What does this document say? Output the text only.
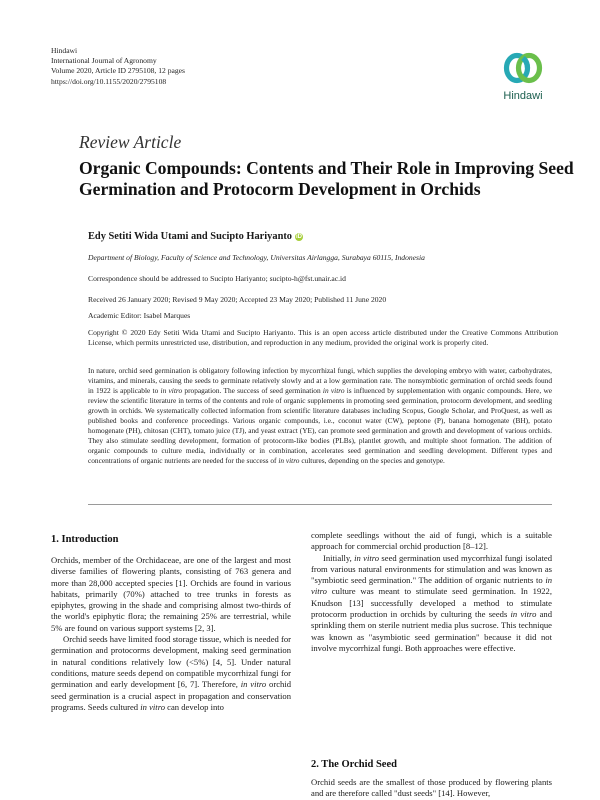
Hindawi
International Journal of Agronomy
Volume 2020, Article ID 2795108, 12 pages
https://doi.org/10.1155/2020/2795108
Hindawi
Review Article
Organic Compounds: Contents and Their Role in Improving Seed Germination and Protocorm Development in Orchids
Edy Setiti Wida Utami and Sucipto Hariyanto iD
Department of Biology, Faculty of Science and Technology, Universitas Airlangga, Surabaya 60115, Indonesia
Correspondence should be addressed to Sucipto Hariyanto; sucipto-h@fst.unair.ac.id
Received 26 January 2020; Revised 9 May 2020; Accepted 23 May 2020; Published 11 June 2020
Academic Editor: Isabel Marques
Copyright © 2020 Edy Setiti Wida Utami and Sucipto Hariyanto. This is an open access article distributed under the Creative Commons Attribution License, which permits unrestricted use, distribution, and reproduction in any medium, provided the original work is properly cited.
In nature, orchid seed germination is obligatory following infection by mycorrhizal fungi, which supplies the developing embryo with water, carbohydrates, vitamins, and minerals, causing the seeds to germinate relatively slowly and at a low germination rate. The nonsymbiotic germination of orchid seeds found in 1922 is applicable to in vitro propagation. The success of seed germination in vitro is influenced by supplementation with organic compounds. Here, we review the scientific literature in terms of the contents and role of organic supplements in promoting seed germination, protocorm development, and seedling growth in orchids. We systematically collected information from scientific literature databases including Scopus, Google Scholar, and ProQuest, as well as published books and conference proceedings. Various organic compounds, i.e., coconut water (CW), peptone (P), banana homogenate (BH), potato homogenate (PH), chitosan (CHT), tomato juice (TJ), and yeast extract (YE), can promote seed germination and growth and development of various orchids. They also stimulate seedling development, formation of protocorm-like bodies (PLBs), plantlet growth, and multiple shoot formation. The addition of organic compounds to culture media, individually or in combination, accelerates seed germination and seedling development. Different types and concentrations of organic nutrients are needed for the success of in vitro cultures, depending on the species and genotype.
1. Introduction

Orchids, member of the Orchidaceae, are one of the largest and most diverse families of flowering plants, consisting of 763 genera and more than 28,000 accepted species [1]. Orchids are found in various habitats, primarily (70%) attached to tree trunks in forests as epiphytes, growing in the shade and comprising almost two-thirds of the world's epiphytic flora; the remaining 25% are terrestrial, while 5% are found on various support systems [2, 3].

Orchid seeds have limited food storage tissue, which is needed for germination and protocorms development, making seed germination in natural conditions relatively low (<5%) [4, 5]. Under natural conditions, mature seeds depend on compatible mycorrhizal fungi for germination and early development [6, 7]. Therefore, in vitro orchid seed germination is a crucial aspect in propagation and conservation programs. Seeds cultured in vitro can develop into

complete seedlings without the aid of fungi, which is a suitable approach for commercial orchid production [8–12].

Initially, in vitro seed germination used mycorrhizal fungi isolated from various natural environments for stimulation and was known as "symbiotic seed germination." The addition of organic nutrients to in vitro culture was meant to stimulate seed germination. In 1922, Knudson [13] successfully developed a method to stimulate protocorm production in orchids by culturing the seeds in vitro and sprinkling them on sterile nutrient media plus sucrose. This technique was known as "asymbiotic seed germination" because it did not involve mycorrhizal fungi. Both approaches were effective.

2. The Orchid Seed

Orchid seeds are the smallest of those produced by flowering plants and are therefore called "dust seeds" [14]. However,
